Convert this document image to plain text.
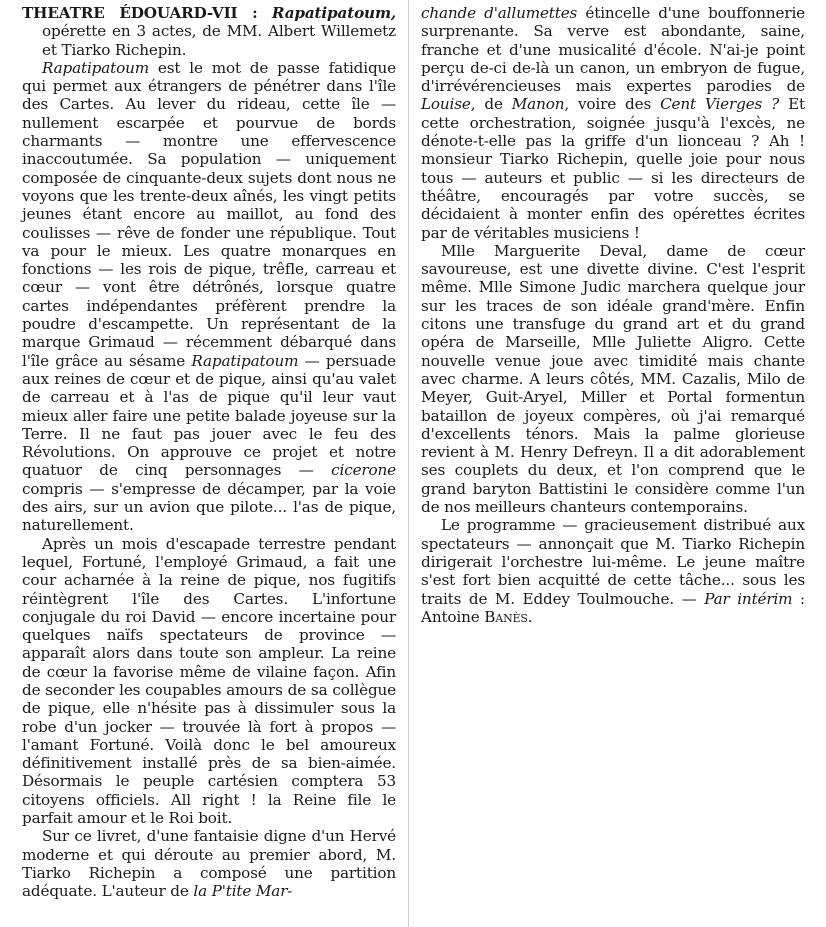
THEATRE ÉDOUARD-VII : Rapatipatoum, opérette en 3 actes, de MM. Albert Willemetz et Tiarko Richepin.

Rapatipatoum est le mot de passe fatidique qui permet aux étrangers de pénétrer dans l'île des Cartes. Au lever du rideau, cette île — nullement escarpée et pourvue de bords charmants — montre une effervescence inaccoutumée. Sa population — uniquement composée de cinquante-deux sujets dont nous ne voyons que les trente-deux aînés, les vingt petits jeunes étant encore au maillot, au fond des coulisses — rêve de fonder une république. Tout va pour le mieux. Les quatre monarques en fonctions — les rois de pique, trêfle, carreau et cœur — vont être détrônés, lorsque quatre cartes indépendantes préfèrent prendre la poudre d'escampette. Un représentant de la marque Grimaud — récemment débarqué dans l'île grâce au sésame Rapatipatoum — persuade aux reines de cœur et de pique, ainsi qu'au valet de carreau et à l'as de pique qu'il leur vaut mieux aller faire une petite balade joyeuse sur la Terre. Il ne faut pas jouer avec le feu des Révolutions. On approuve ce projet et notre quatuor de cinq personnages — cicerone compris — s'empresse de décamper, par la voie des airs, sur un avion que pilote... l'as de pique, naturellement.

Après un mois d'escapade terrestre pendant lequel, Fortuné, l'employé Grimaud, a fait une cour acharnée à la reine de pique, nos fugitifs réintègrent l'île des Cartes. L'infortune conjugale du roi David — encore incertaine pour quelques naïfs spectateurs de province — apparaît alors dans toute son ampleur. La reine de cœur la favorise même de vilaine façon. Afin de seconder les coupables amours de sa collègue de pique, elle n'hésite pas à dissimuler sous la robe d'un jocker — trouvée là fort à propos — l'amant Fortuné. Voilà donc le bel amoureux définitivement installé près de sa bien-aimée. Désormais le peuple cartésien comptera 53 citoyens officiels. All right ! la Reine file le parfait amour et le Roi boit.

Sur ce livret, d'une fantaisie digne d'un Hervé moderne et qui déroute au premier abord, M. Tiarko Richepin a composé une partition adéquate. L'auteur de la P'tite Mar-

chande d'allumettes étincelle d'une bouffonnerie surprenante. Sa verve est abondante, saine, franche et d'une musicalité d'école. N'ai-je point perçu de-ci de-là un canon, un embryon de fugue, d'irrévérencieuses mais expertes parodies de Louise, de Manon, voire des Cent Vierges ? Et cette orchestration, soignée jusqu'à l'excès, ne dénote-t-elle pas la griffe d'un lionceau ? Ah ! monsieur Tiarko Richepin, quelle joie pour nous tous — auteurs et public — si les directeurs de théâtre, encouragés par votre succès, se décidaient à monter enfin des opérettes écrites par de véritables musiciens !

Mlle Marguerite Deval, dame de cœur savoureuse, est une divette divine. C'est l'esprit même. Mlle Simone Judic marchera quelque jour sur les traces de son idéale grand'mère. Enfin citons une transfuge du grand art et du grand opéra de Marseille, Mlle Juliette Aligro. Cette nouvelle venue joue avec timidité mais chante avec charme. A leurs côtés, MM. Cazalis, Milo de Meyer, Guit-Aryel, Miller et Portal formentun bataillon de joyeux compères, où j'ai remarqué d'excellents ténors. Mais la palme glorieuse revient à M. Henry Defreyn. Il a dit adorablement ses couplets du deux, et l'on comprend que le grand baryton Battistini le considère comme l'un de nos meilleurs chanteurs contemporains.

Le programme — gracieusement distribué aux spectateurs — annonçait que M. Tiarko Richepin dirigerait l'orchestre lui-même. Le jeune maître s'est fort bien acquitté de cette tâche... sous les traits de M. Eddey Toulmouche. — Par intérim : Antoine Banès.
